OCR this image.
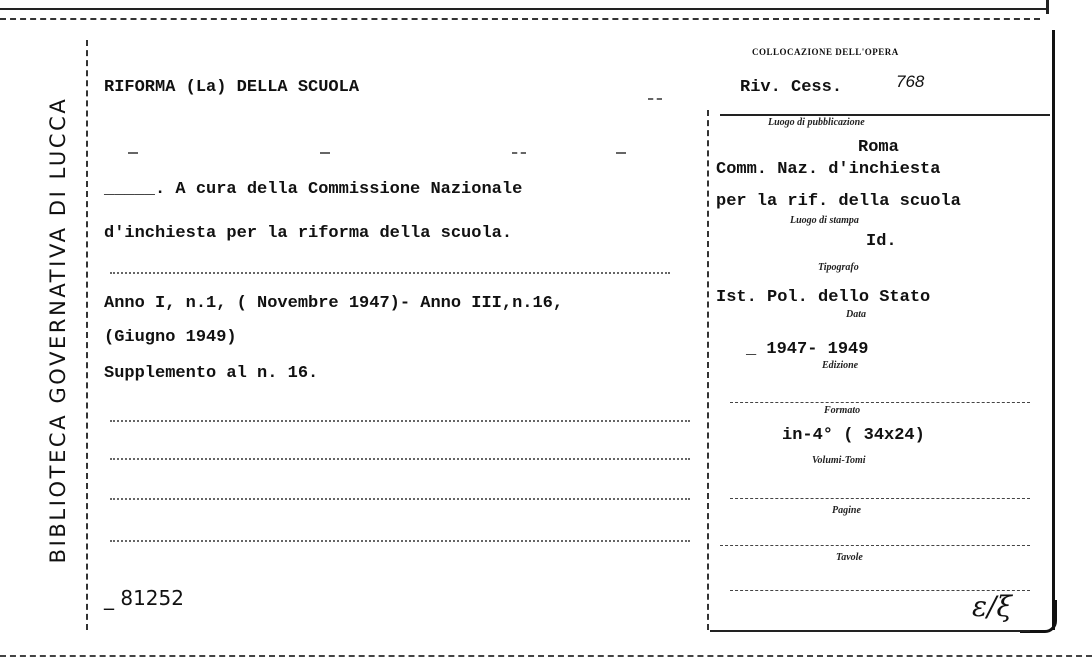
BIBLIOTECA GOVERNATIVA DI LUCCA
RIFORMA (La) DELLA SCUOLA
_____. A cura della Commissione Nazionale
d'inchiesta per la riforma della scuola.
Anno I, n.1, ( Novembre 1947)- Anno III,n.16,
(Giugno 1949)
Supplemento al n. 16.
_ 81252
COLLOCAZIONE DELL'OPERA
Riv. Cess.	768
Luogo di pubblicazione
Roma
Comm. Naz. d'inchiesta
per la rif. della scuola
Luogo di stampa
Id.
Tipografo
Ist. Pol. dello Stato
Data
_ 1947- 1949
Edizione
Formato
in-4° ( 34x24)
Volumi-Tomi
Pagine
Tavole
ε/ξ
